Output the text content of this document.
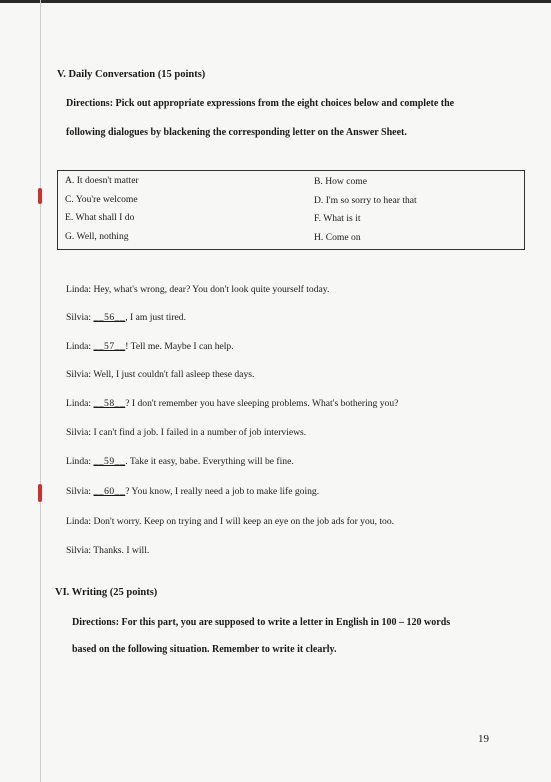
V. Daily Conversation (15 points)
Directions: Pick out appropriate expressions from the eight choices below and complete the
following dialogues by blackening the corresponding letter on the Answer Sheet.
A. It doesn't matter	B. How come
C. You're welcome	D. I'm so sorry to hear that
E. What shall I do	F. What is it
G. Well, nothing	H. Come on
Linda: Hey, what's wrong, dear? You don't look quite yourself today.
Silvia: __56__, I am just tired.
Linda: __57__! Tell me. Maybe I can help.
Silvia: Well, I just couldn't fall asleep these days.
Linda: __58__? I don't remember you have sleeping problems. What's bothering you?
Silvia: I can't find a job. I failed in a number of job interviews.
Linda: __59__. Take it easy, babe. Everything will be fine.
Silvia: __60__? You know, I really need a job to make life going.
Linda: Don't worry. Keep on trying and I will keep an eye on the job ads for you, too.
Silvia: Thanks. I will.
VI. Writing (25 points)
Directions: For this part, you are supposed to write a letter in English in 100 – 120 words
based on the following situation. Remember to write it clearly.
19
